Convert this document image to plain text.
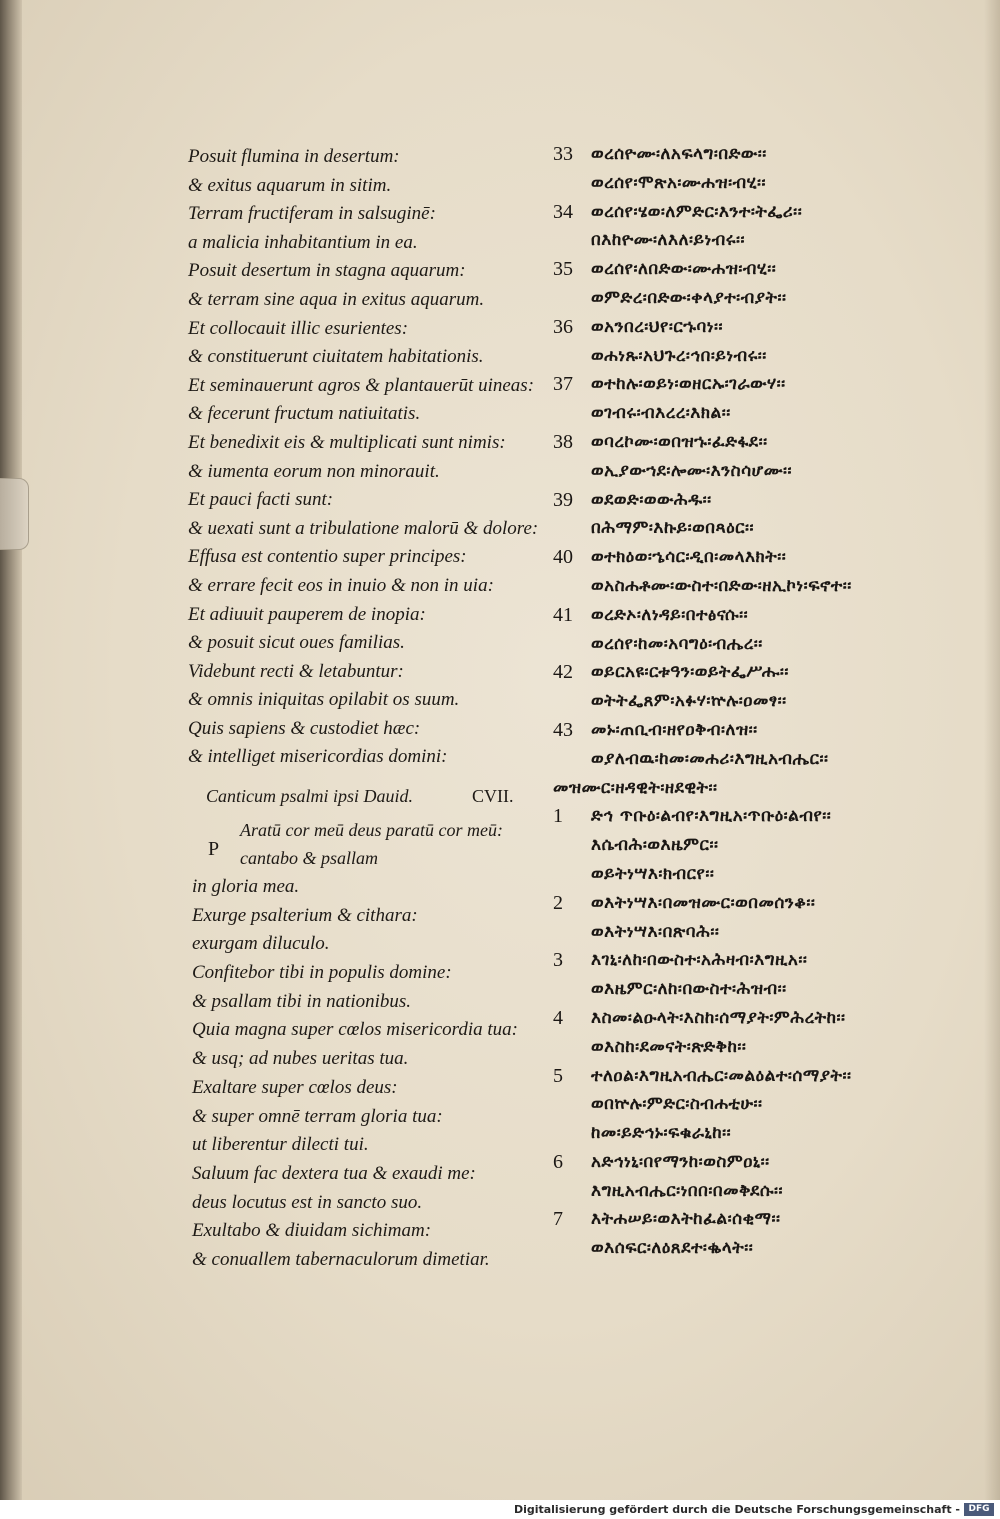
Posuit flumina in desertum:
& exitus aquarum in sitim.
Terram fructiferam in salsuginē:
a malicia inhabitantium in ea.
Posuit desertum in stagna aquarum:
& terram sine aqua in exitus aquarum.
Et collocauit illic esurientes:
& constituerunt ciuitatem habitationis.
Et seminauerunt agros & plantauerūt uineas:
& fecerunt fructum natiuitatis.
Et benedixit eis & multiplicati sunt nimis:
& iumenta eorum non minorauit.
Et pauci facti sunt:
& uexati sunt a tribulatione malorū & dolore:
Effusa est contentio super principes:
& errare fecit eos in inuio & non in uia:
Et adiuuit pauperem de inopia:
& posuit sicut oues familias.
Videbunt recti & letabuntur:
& omnis iniquitas opilabit os suum.
Quis sapiens & custodiet hæc:
& intelliget misericordias domini:
Canticum psalmi ipsi Dauid.	CVII.
P
Aratū cor meū deus paratū cor meū:
cantabo & psallam
in gloria mea.
Exurge psalterium & cithara:
exurgam diluculo.
Confitebor tibi in populis domine:
& psallam tibi in nationibus.
Quia magna super cœlos misericordia tua:
& usq; ad nubes ueritas tua.
Exaltare super cœlos deus:
& super omnē terram gloria tua:
ut liberentur dilecti tui.
Saluum fac dextera tua & exaudi me:
deus locutus est in sancto suo.
Exultabo & diuidam sichimam:
& conuallem tabernaculorum dimetiar.
33	ወረሰዮሙ፡ለአፍላግ፡በድው፡፡
ወረሰየ፡ሞጽአ፡ሙሐዝ፡ብሂ፡፡
34	ወረሰየ፡ሄወ፡ለምድር፡እንተ፡ትፌሪ፡፡
በእከዮሙ፡ለእለ፡ይነብሩ፡፡
35	ወረሰየ፡ለበድው፡ሙሐዝ፡ብሂ፡፡
ወምድረ፡በድው፡ቀላያተ፡ብያት፡፡
36	ወአንበረ፡ህየ፡ርኁባነ፡፡
ወሐነጹ፡አህጉረ፡ኅበ፡ይነብሩ፡፡
37	ወተከሉ፡ወይነ፡ወዘርኡ፡ገራውሃ፡፡
ወገብሩ፡ብእረረ፡እክል፡፡
38	ወባረኮሙ፡ወበዝኁ፡ፈድፋደ፡፡
ወኢያውኀደ፡ሎሙ፡እንስሳሆሙ፡፡
39	ወደወድ፡ወውሕዱ፡፡
በሕማም፡እኩይ፡ወበጻዕር፡፡
40	ወተክዕወ፡ኄሳር፡ዲበ፡መላእክት፡፡
ወአስሐቶሙ፡ውስተ፡በድው፡ዘኢኮነ፡ፍኖተ፡፡
41	ወረድኦ፡ለነዳይ፡በተፅናሱ፡፡
ወረሰየ፡ከመ፡አባግዕ፡ብሔረ፡፡
42	ወይርአዩ፡ርቱዓን፡ወይትፌሥሑ፡፡
ወትትፌጸም፡አፉሃ፡ኵሉ፡ዐመፃ፡፡
43	መኑ፡ጠቢብ፡ዘየዐቅብ፡ለዝ፡፡
ወያለብዉ፡ከመ፡መሐሪ፡እግዚአብሔር፡፡
መዝሙር፡ዘዳዊት፡ዘደዊት፡፡
1	ድኅ ጥቡዕ፡ልብየ፡እግዚአ፡ጥቡዕ፡ልብየ፡፡
እሴብሕ፡ወእዜምር፡፡
ወይትነሣእ፡ክብርየ፡፡
2	ወእትነሣእ፡በመዝሙር፡ወበመሰንቆ፡፡
ወእትነሣእ፡በጽባሕ፡፡
3	እገኒ፡ለከ፡በውስተ፡አሕዛብ፡እግዚአ፡፡
ወእዜምር፡ለከ፡በውስተ፡ሕዝብ፡፡
4	እስመ፡ልዑላት፡እስከ፡ሰማያት፡ምሕረትከ፡፡
ወእስከ፡ደመናት፡ጽድቅከ፡፡
5	ተለዐል፡እግዚአብሔር፡መልዕልተ፡ሰማያት፡፡
ወበኵሉ፡ምድር፡ስብሐቲሁ፡፡
ከመ፡ይድኅኑ፡ፍቁራኒከ፡፡
6	አድኅነኒ፡በየማንከ፡ወስምዐኒ፡፡
እግዚአብሔር፡ነበበ፡በመቅደሱ፡፡
7	እትሐሠይ፡ወእትከፈል፡ሰቂማ፡፡
ወእሰፍር፡ለዕጸደተ፡ቈላት፡፡
Digitalisierung gefördert durch die Deutsche Forschungsgemeinschaft - DFG
